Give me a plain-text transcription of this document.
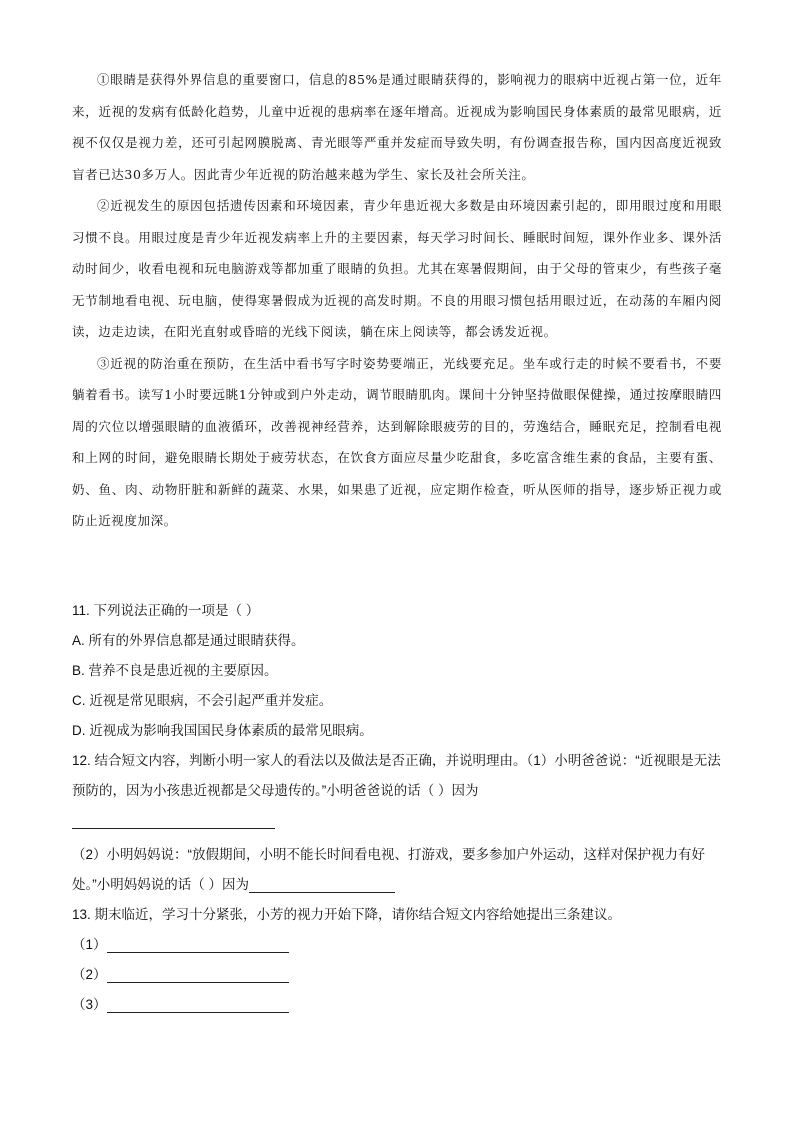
①眼睛是获得外界信息的重要窗口，信息的85%是通过眼睛获得的，影响视力的眼病中近视占第一位，近年来，近视的发病有低龄化趋势，儿童中近视的患病率在逐年增高。近视成为影响国民身体素质的最常见眼病，近视不仅仅是视力差，还可引起网膜脱离、青光眼等严重并发症而导致失明，有份调查报告称，国内因高度近视致盲者已达30多万人。因此青少年近视的防治越来越为学生、家长及社会所关注。

②近视发生的原因包括遗传因素和环境因素，青少年患近视大多数是由环境因素引起的，即用眼过度和用眼习惯不良。用眼过度是青少年近视发病率上升的主要因素，每天学习时间长、睡眠时间短，课外作业多、课外活动时间少，收看电视和玩电脑游戏等都加重了眼睛的负担。尤其在寒暑假期间，由于父母的管束少，有些孩子毫无节制地看电视、玩电脑，使得寒暑假成为近视的高发时期。不良的用眼习惯包括用眼过近，在动荡的车厢内阅读，边走边读，在阳光直射或昏暗的光线下阅读，躺在床上阅读等，都会诱发近视。

③近视的防治重在预防，在生活中看书写字时姿势要端正，光线要充足。坐车或行走的时候不要看书，不要躺着看书。读写1小时要远眺1分钟或到户外走动，调节眼睛肌肉。课间十分钟坚持做眼保健操，通过按摩眼睛四周的穴位以增强眼睛的血液循环，改善视神经营养，达到解除眼疲劳的目的，劳逸结合，睡眠充足，控制看电视和上网的时间，避免眼睛长期处于疲劳状态，在饮食方面应尽量少吃甜食，多吃富含维生素的食品，主要有蛋、奶、鱼、肉、动物肝脏和新鲜的蔬菜、水果，如果患了近视，应定期作检查，听从医师的指导，逐步矫正视力或防止近视度加深。

11. 下列说法正确的一项是（ ）

A. 所有的外界信息都是通过眼睛获得。

B. 营养不良是患近视的主要原因。

C. 近视是常见眼病，不会引起严重并发症。

D. 近视成为影响我国国民身体素质的最常见眼病。

12. 结合短文内容，判断小明一家人的看法以及做法是否正确，并说明理由。（1）小明爸爸说：“近视眼是无法预防的，因为小孩患近视都是父母遗传的。”小明爸爸说的话（ ）因为

（2）小明妈妈说：“放假期间，小明不能长时间看电视、打游戏，要多参加户外运动，这样对保护视力有好处。”小明妈妈说的话（ ）因为

13. 期末临近，学习十分紧张，小芳的视力开始下降，请你结合短文内容给她提出三条建议。

（1）
（2）
（3）
